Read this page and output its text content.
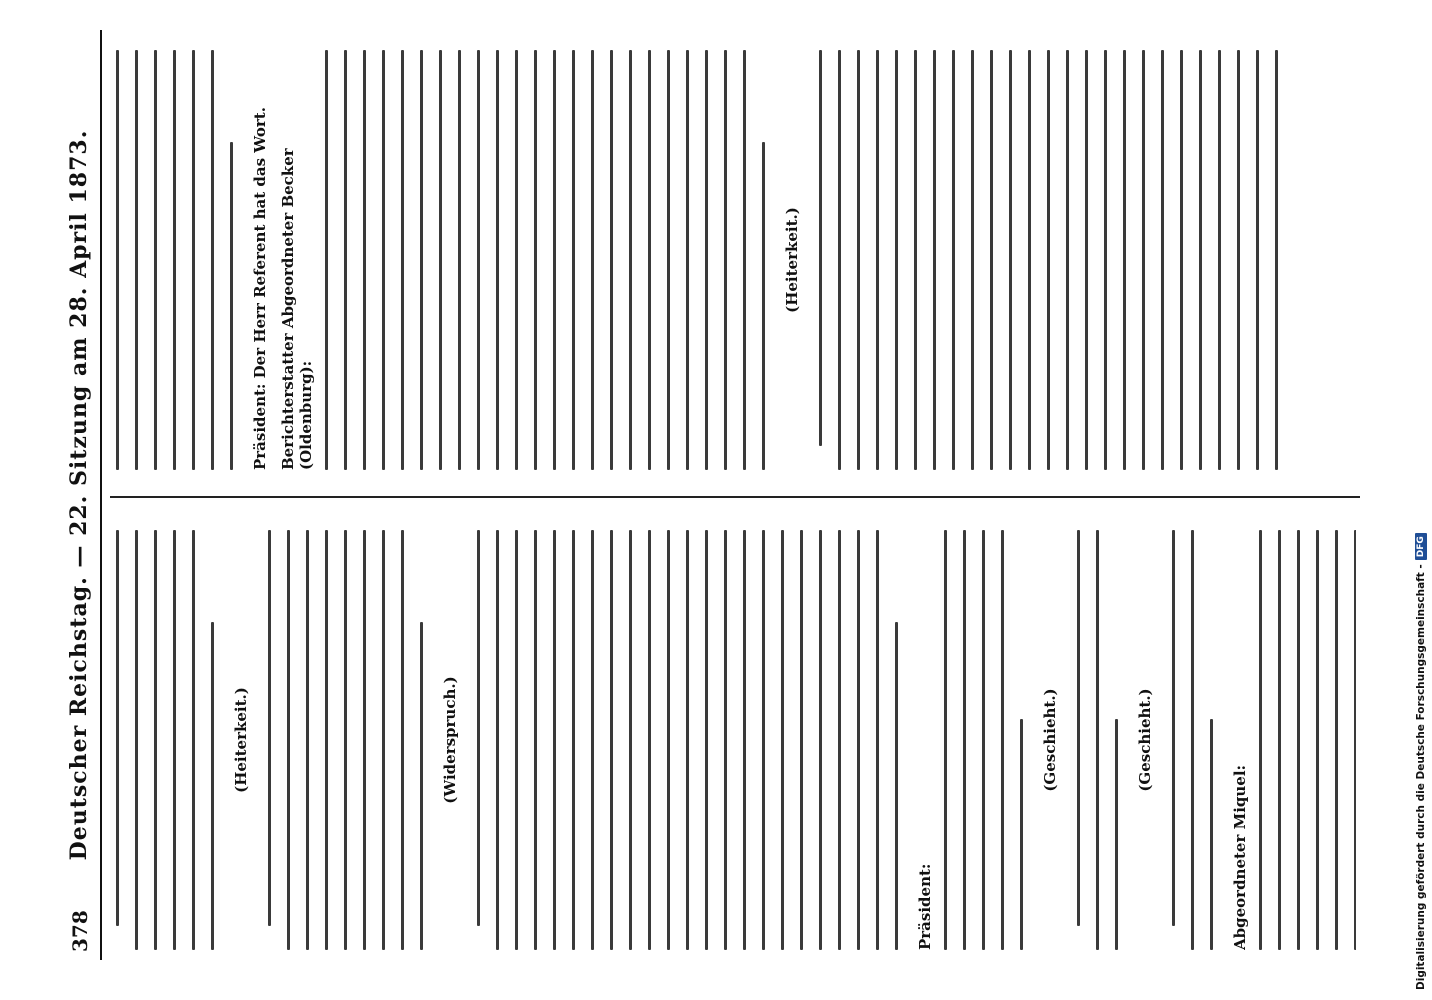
378
Deutscher Reichstag. — 22. Sitzung am 28. April 1873.	(Heiterkeit.)	(Widerspruch.)
Präsident:
(Geschieht.)	(Geschieht.)
Abgeordneter Miquel:
Präsident: Der Herr Referent hat das Wort. Berichterstatter Abgeordneter Becker (Oldenburg):
(Heiterkeit.)
Digitalisierung gefördert durch die Deutsche Forschungsgemeinschaft -
DFG
